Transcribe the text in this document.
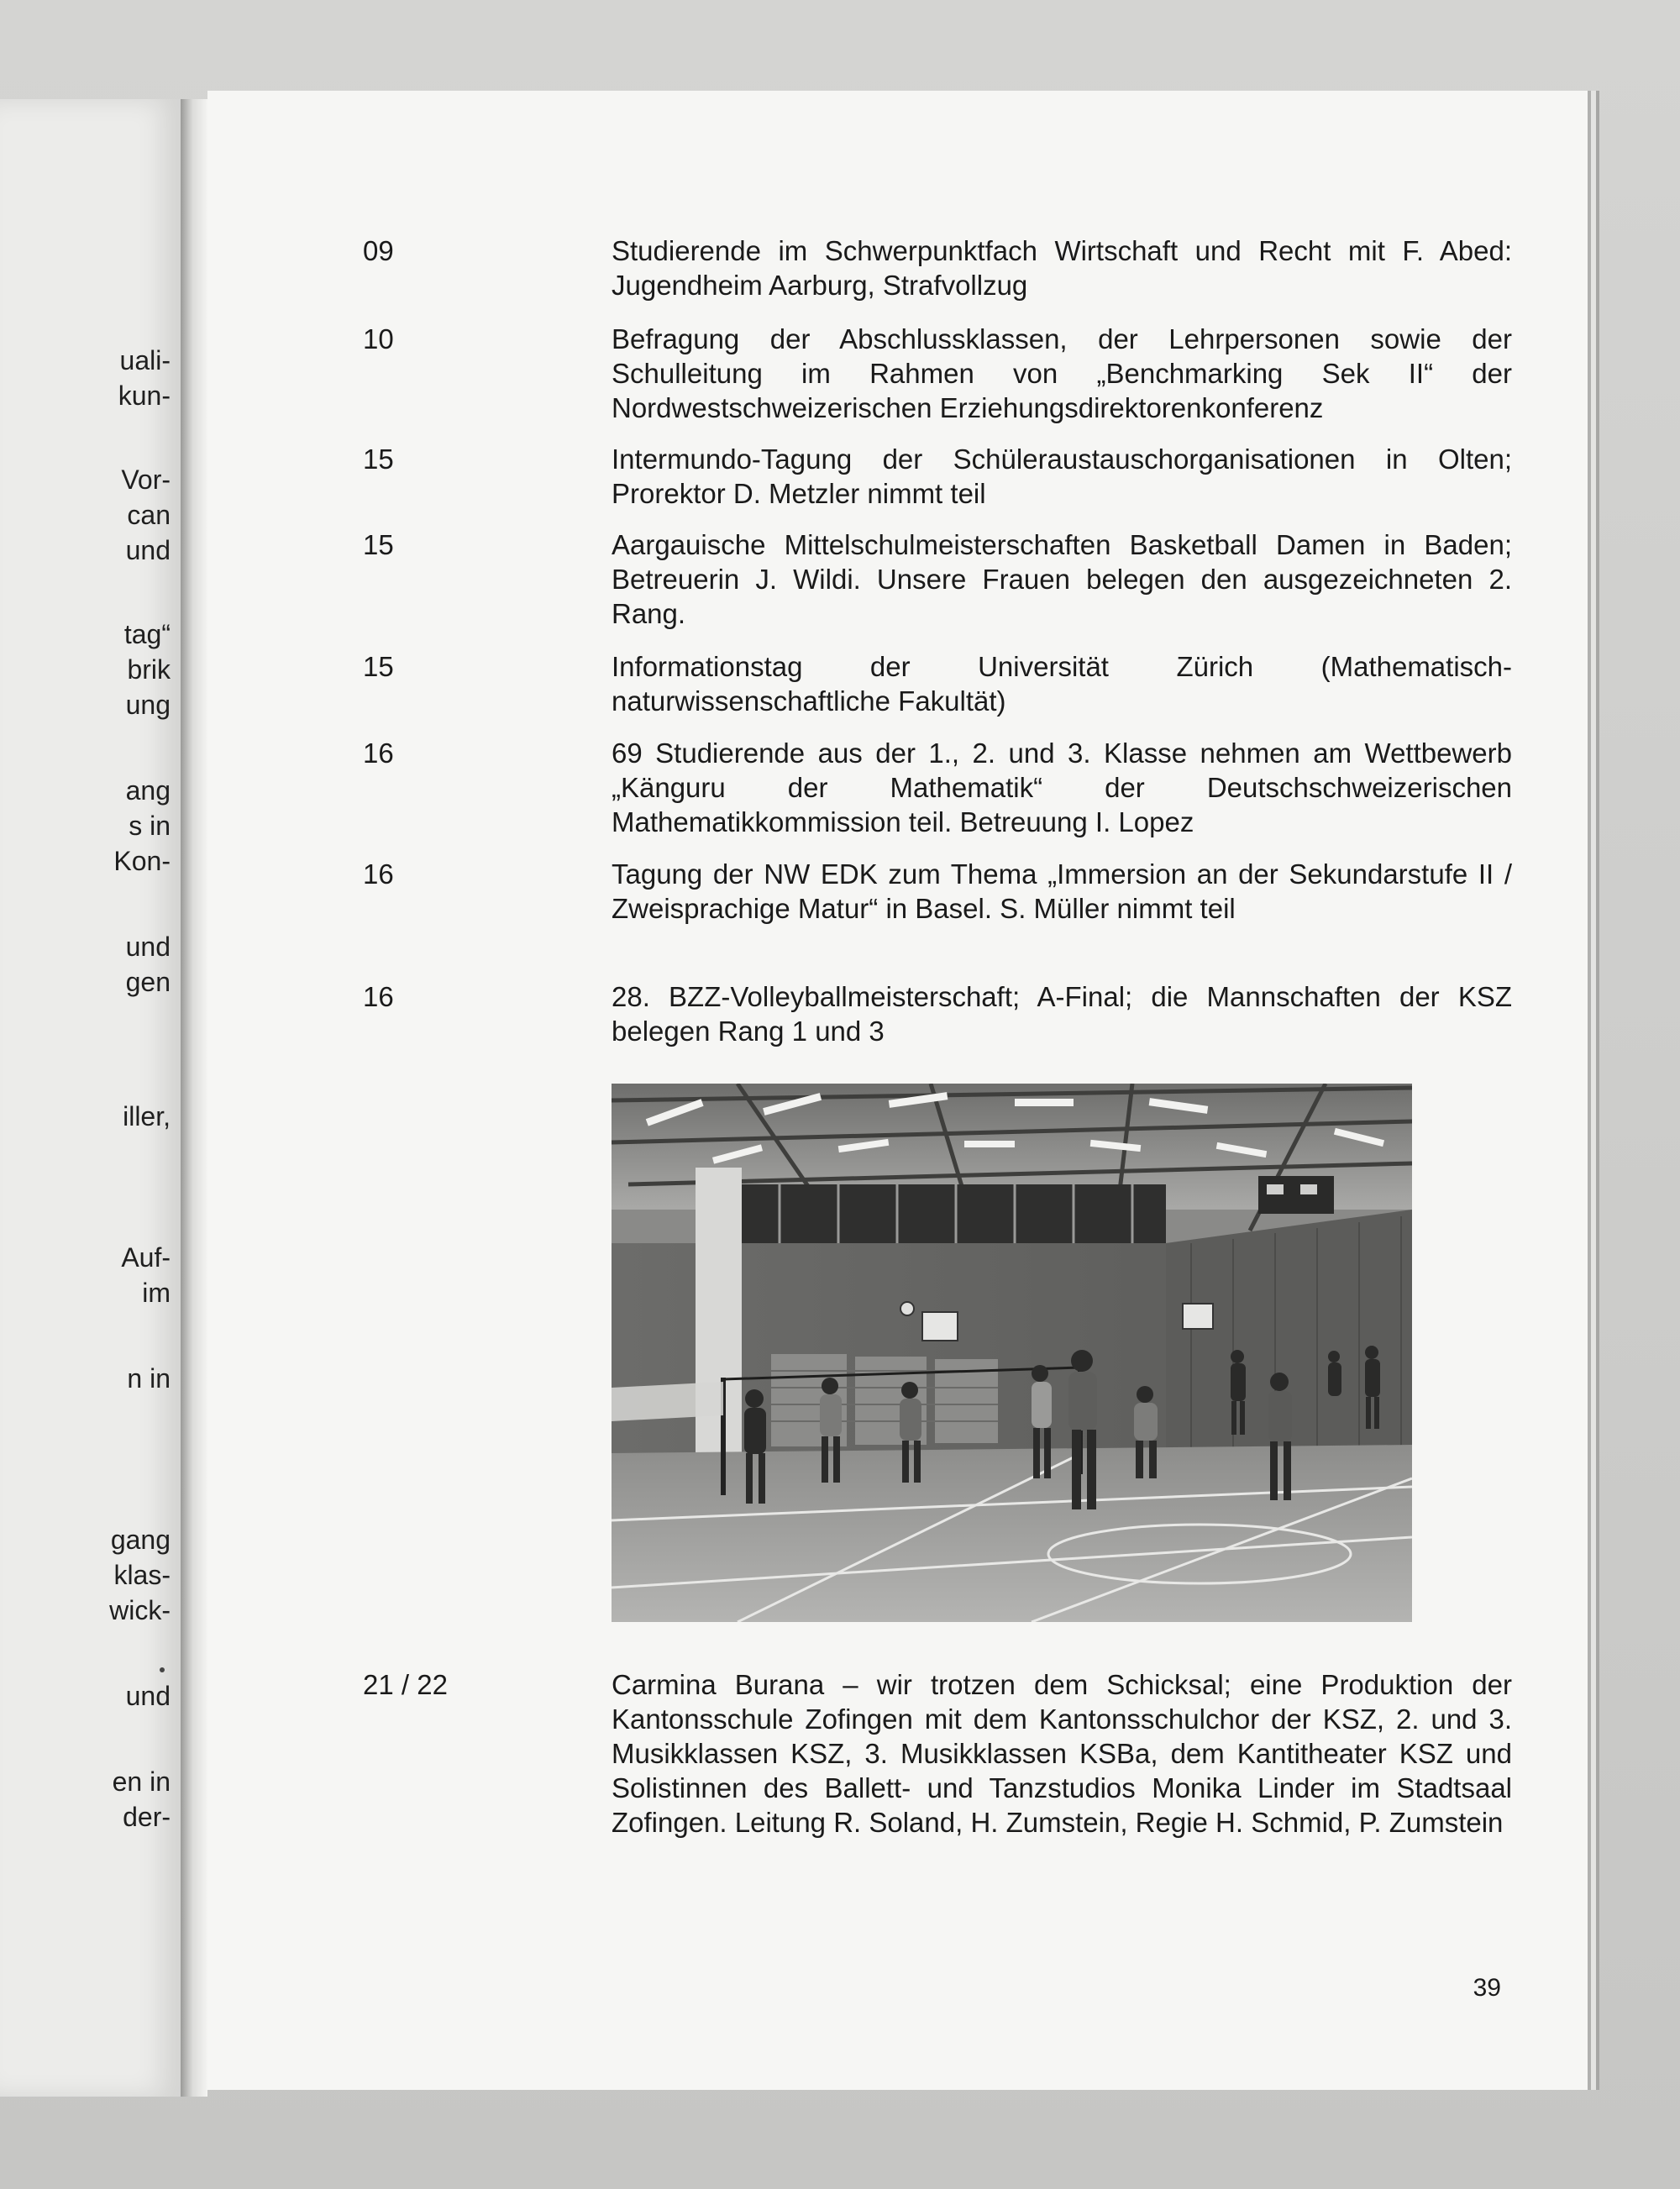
uali-

kun-

Vor-

can

und

tag“

brik

ung

ang

s in

Kon-

und

gen

iller,

Auf-

im

n in

gang

klas-

wick-

und

en in

der-

09	Studierende im Schwerpunktfach Wirtschaft und Recht mit F. Abed: Jugendheim Aarburg, Strafvollzug
10	Befragung der Abschlussklassen, der Lehrpersonen sowie der Schulleitung im Rahmen von „Benchmarking Sek II“ der Nordwestschweizerischen Erziehungsdirektorenkonferenz
15	Intermundo-Tagung der Schüleraustauschorganisationen in Olten; Prorektor D. Metzler nimmt teil
15	Aargauische Mittelschulmeisterschaften Basketball Damen in Baden; Betreuerin J. Wildi. Unsere Frauen belegen den ausgezeichneten 2. Rang.
15	Informationstag der Universität Zürich (Mathematisch-naturwissenschaftliche Fakultät)
16	69 Studierende aus der 1., 2. und 3. Klasse nehmen am Wettbewerb „Känguru der Mathematik“ der Deutschschweizerischen Mathematikkommission teil. Betreuung I. Lopez
16	Tagung der NW EDK zum Thema „Immersion an der Sekundarstufe II / Zweisprachige Matur“ in Basel. S. Müller nimmt teil
16	28. BZZ-Volleyballmeisterschaft; A-Final; die Mannschaften der KSZ belegen Rang 1 und 3
21 / 22	Carmina Burana – wir trotzen dem Schicksal; eine Produktion der Kantonsschule Zofingen mit dem Kantonsschulchor der KSZ, 2. und 3. Musikklassen KSZ, 3. Musikklassen KSBa, dem Kantitheater KSZ und Solistinnen des Ballett- und Tanzstudios Monika Linder im Stadtsaal Zofingen. Leitung R. Soland, H. Zumstein, Regie H. Schmid, P. Zumstein
39
